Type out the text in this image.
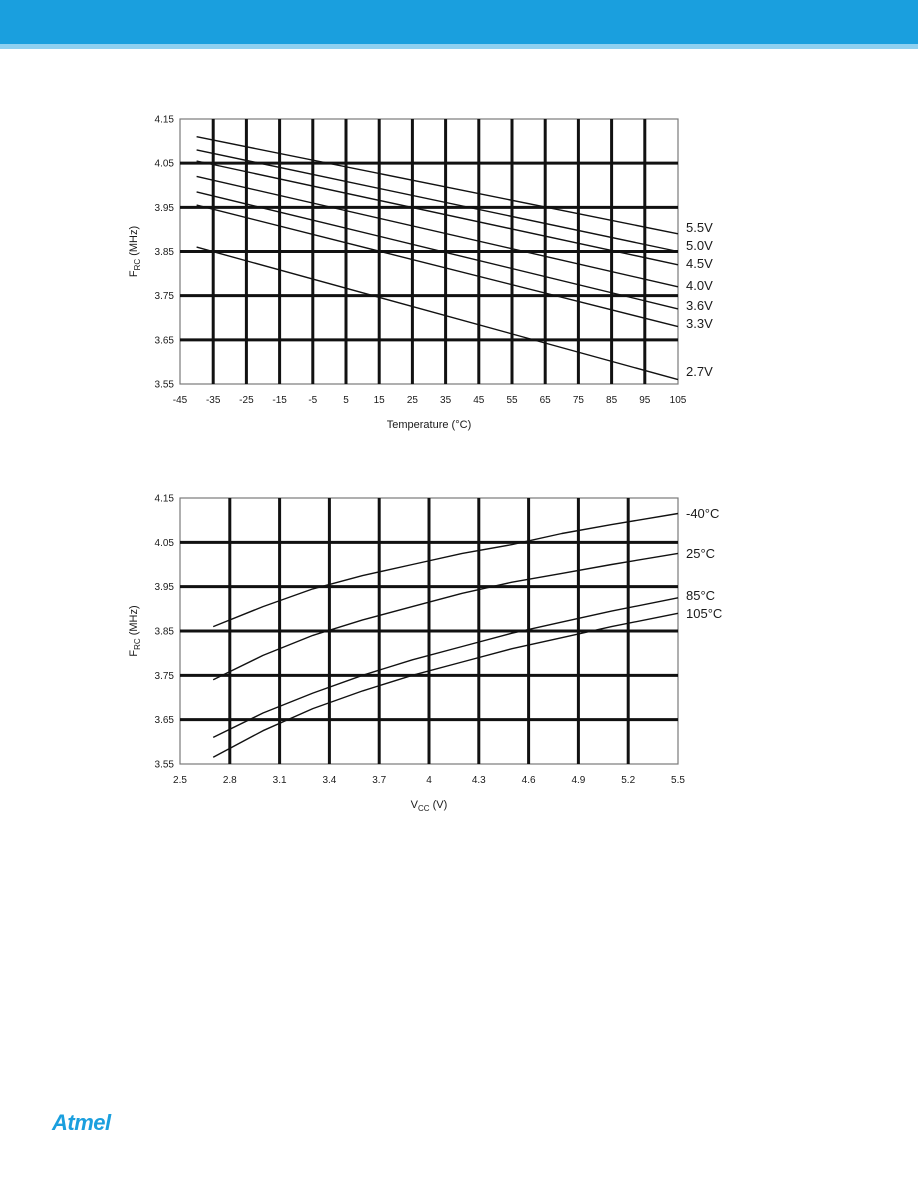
3.55
3.65
3.75
3.85
3.95
4.05
4.15
-45 -35 -25 -15 -5	5 15 25 35 45 55 65 75 85 95 105
5.5V
5.0V
4.5V
4.0V
3.6V
3.3V
2.7V
$F_{RC}$ (MHz)
Temperature (°C)
3.55
3.65
3.75
3.85
3.95
4.05
4.15
2.5	2.8	3.1	3.4	3.7	4	4.3	4.6	4.9	5.2	5.5
-40°C
25°C
85°C
105°C
$F_{RC}$ (MHz)
$V_{CC}$ (V)
Atmel
